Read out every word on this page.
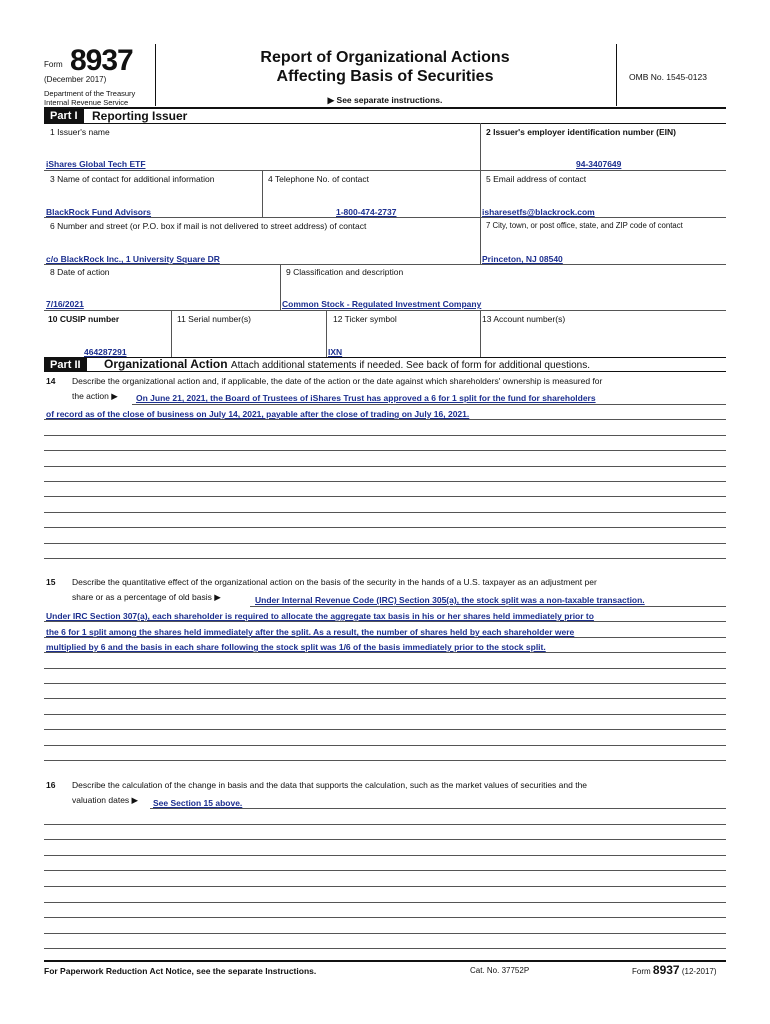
Form 8937
(December 2017)
Department of the Treasury
Internal Revenue Service
Report of Organizational Actions
Affecting Basis of Securities
▶ See separate instructions.
OMB No. 1545-0123
Part I	Reporting Issuer
1 Issuer's name
iShares Global Tech ETF
2 Issuer's employer identification number (EIN)
94-3407649
3 Name of contact for additional information
BlackRock Fund Advisors
4 Telephone No. of contact
1-800-474-2737
5 Email address of contact
isharesetfs@blackrock.com
6 Number and street (or P.O. box if mail is not delivered to street address) of contact
c/o BlackRock Inc., 1 University Square DR
7 City, town, or post office, state, and ZIP code of contact
Princeton, NJ 08540
8 Date of action
7/16/2021
9 Classification and description
Common Stock - Regulated Investment Company
10 CUSIP number
464287291
11 Serial number(s)	12 Ticker symbol
IXN
13 Account number(s)
Part II	Organizational Action Attach additional statements if needed. See back of form for additional questions.
14 Describe the organizational action and, if applicable, the date of the action or the date against which shareholders' ownership is measured for
the action ▶ On June 21, 2021, the Board of Trustees of iShares Trust has approved a 6 for 1 split for the fund for shareholders
of record as of the close of business on July 14, 2021, payable after the close of trading on July 16, 2021.
15 Describe the quantitative effect of the organizational action on the basis of the security in the hands of a U.S. taxpayer as an adjustment per
share or as a percentage of old basis ▶	Under Internal Revenue Code (IRC) Section 305(a), the stock split was a non-taxable transaction.
Under IRC Section 307(a), each shareholder is required to allocate the aggregate tax basis in his or her shares held immediately prior to
the 6 for 1 split among the shares held immediately after the split. As a result, the number of shares held by each shareholder were
multiplied by 6 and the basis in each share following the stock split was 1/6 of the basis immediately prior to the stock split.
16 Describe the calculation of the change in basis and the data that supports the calculation, such as the market values of securities and the
valuation dates ▶ See Section 15 above.
For Paperwork Reduction Act Notice, see the separate Instructions.	Cat. No. 37752P	Form 8937 (12-2017)
